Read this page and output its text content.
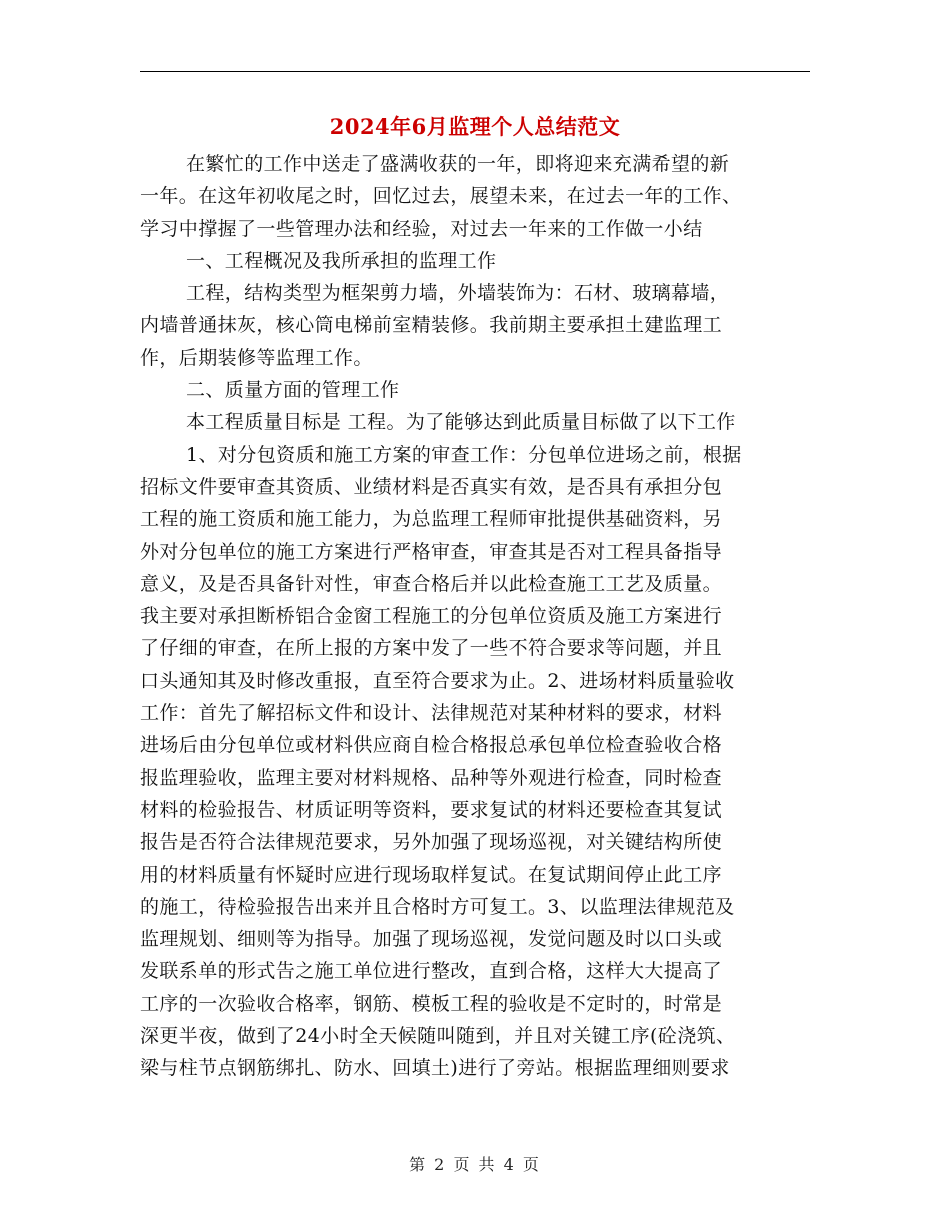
2024年6月监理个人总结范文
在繁忙的工作中送走了盛满收获的一年，即将迎来充满希望的新
一年。在这年初收尾之时，回忆过去，展望未来，在过去一年的工作、
学习中撑握了一些管理办法和经验，对过去一年来的工作做一小结
一、工程概况及我所承担的监理工作
工程，结构类型为框架剪力墙，外墙装饰为：石材、玻璃幕墙，
内墙普通抹灰，核心筒电梯前室精装修。我前期主要承担土建监理工
作，后期装修等监理工作。
二、质量方面的管理工作
本工程质量目标是 工程。为了能够达到此质量目标做了以下工作
1、对分包资质和施工方案的审查工作：分包单位进场之前，根据
招标文件要审查其资质、业绩材料是否真实有效，是否具有承担分包
工程的施工资质和施工能力，为总监理工程师审批提供基础资料，另
外对分包单位的施工方案进行严格审查，审查其是否对工程具备指导
意义，及是否具备针对性，审查合格后并以此检查施工工艺及质量。
我主要对承担断桥铝合金窗工程施工的分包单位资质及施工方案进行
了仔细的审查，在所上报的方案中发了一些不符合要求等问题，并且
口头通知其及时修改重报，直至符合要求为止。2、进场材料质量验收
工作：首先了解招标文件和设计、法律规范对某种材料的要求，材料
进场后由分包单位或材料供应商自检合格报总承包单位检查验收合格
报监理验收，监理主要对材料规格、品种等外观进行检查，同时检查
材料的检验报告、材质证明等资料，要求复试的材料还要检查其复试
报告是否符合法律规范要求，另外加强了现场巡视，对关键结构所使
用的材料质量有怀疑时应进行现场取样复试。在复试期间停止此工序
的施工，待检验报告出来并且合格时方可复工。3、以监理法律规范及
监理规划、细则等为指导。加强了现场巡视，发觉问题及时以口头或
发联系单的形式告之施工单位进行整改，直到合格，这样大大提高了
工序的一次验收合格率，钢筋、模板工程的验收是不定时的，时常是
深更半夜，做到了24小时全天候随叫随到，并且对关键工序(砼浇筑、
梁与柱节点钢筋绑扎、防水、回填土)进行了旁站。根据监理细则要求
第 2 页 共 4 页
